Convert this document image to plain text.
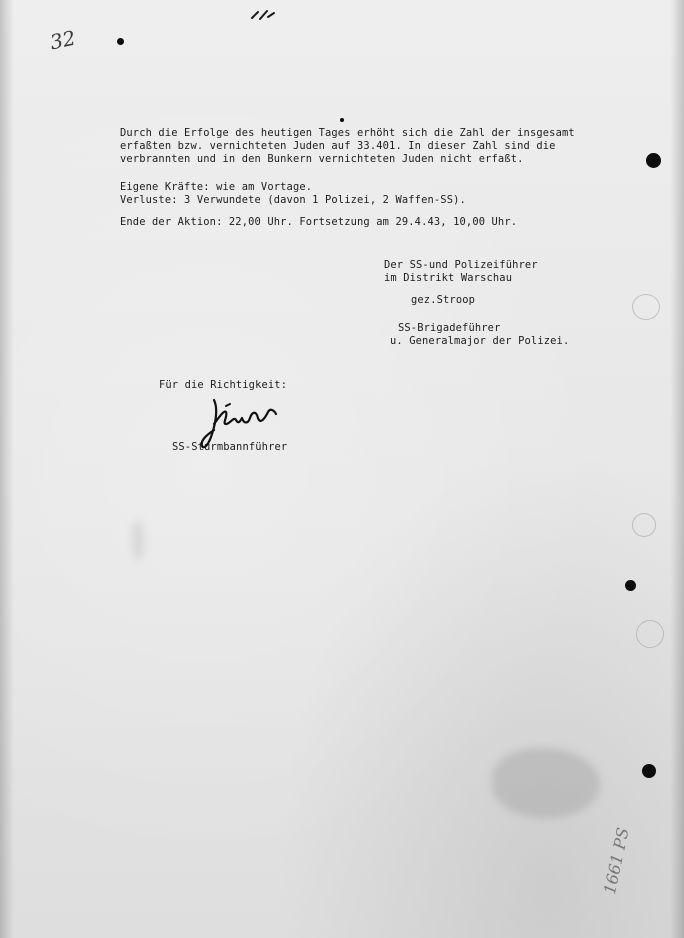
32
Durch die Erfolge des heutigen Tages erhöht sich die Zahl der insgesamt
erfaßten bzw. vernichteten Juden auf 33.401. In dieser Zahl sind die
verbrannten und in den Bunkern vernichteten Juden nicht erfaßt.
Eigene Kräfte: wie am Vortage.
Verluste: 3 Verwundete (davon 1 Polizei, 2 Waffen-SS).
Ende der Aktion: 22,00 Uhr. Fortsetzung am 29.4.43, 10,00 Uhr.
Der SS-und Polizeiführer
im Distrikt Warschau
gez.Stroop
SS-Brigadeführer
u. Generalmajor der Polizei.
Für die Richtigkeit:
SS-Sturmbannführer
1661 PS
